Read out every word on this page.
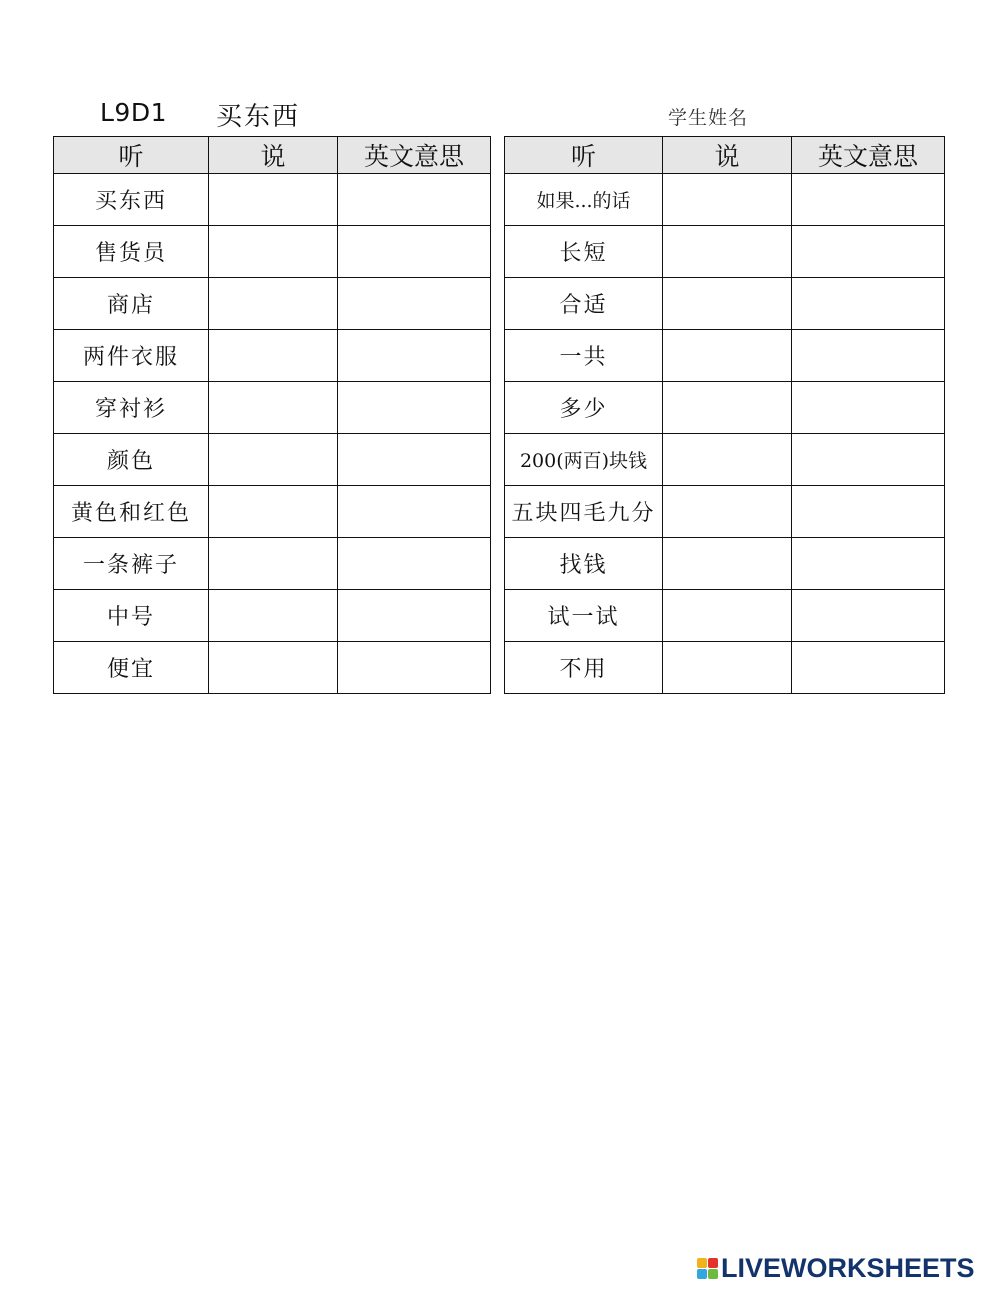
L9D1 买东西	学生姓名
听	说	英文意思
买东西		
售货员		
商店		
两件衣服		
穿衬衫		
颜色		
黄色和红色		
一条裤子		
中号		
便宜		
听	说	英文意思
如果...的话		
长短		
合适		
一共		
多少		
200(两百)块钱		
五块四毛九分		
找钱		
试一试		
不用		
LIVEWORKSHEETS
